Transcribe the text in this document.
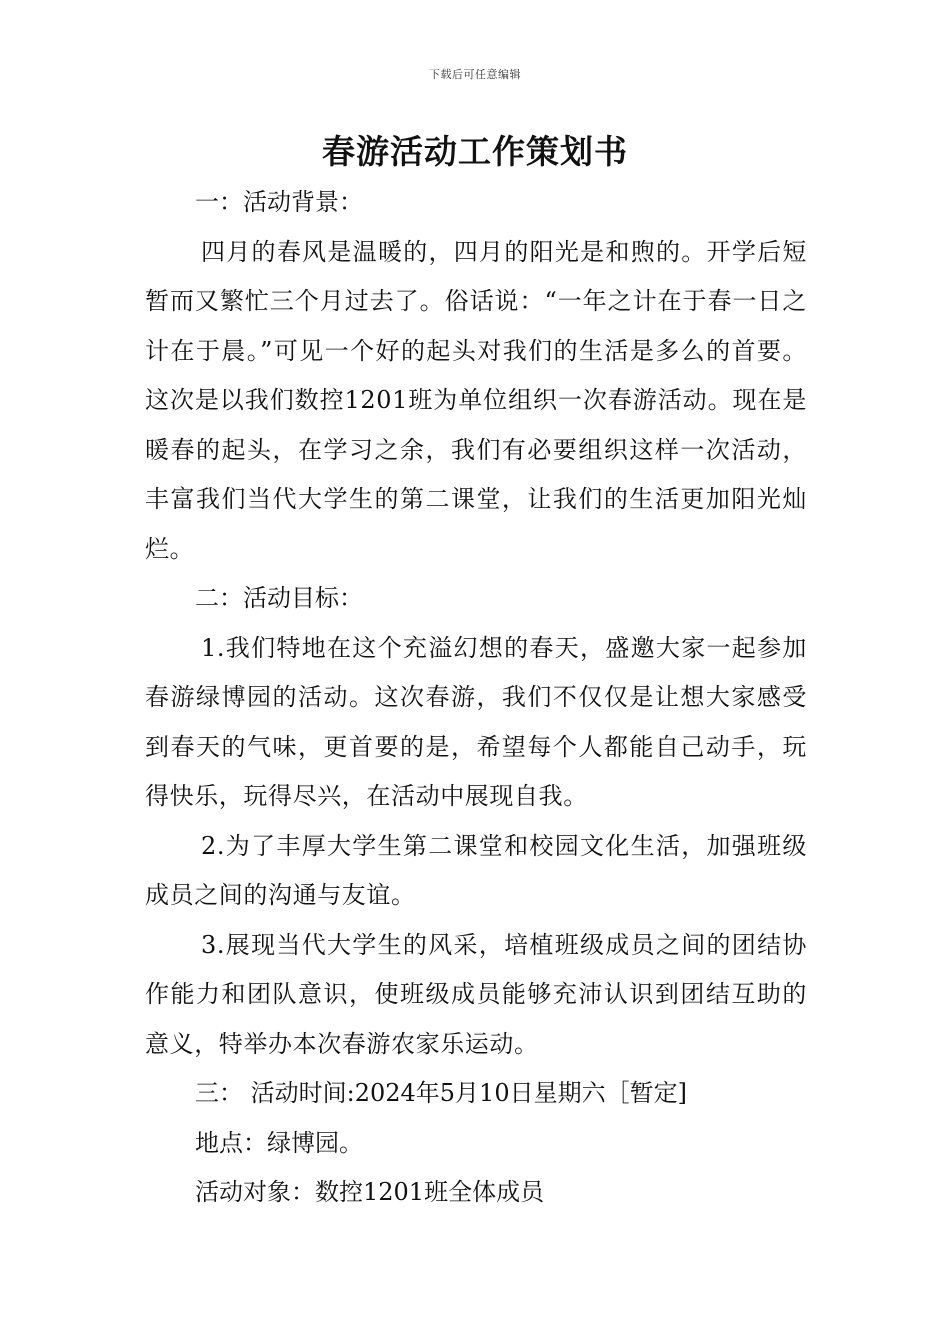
下载后可任意编辑
春游活动工作策划书

一：活动背景：

四月的春风是温暖的，四月的阳光是和煦的。开学后短暂而又繁忙三个月过去了。俗话说：“一年之计在于春一日之计在于晨。”可见一个好的起头对我们的生活是多么的首要。这次是以我们数控1201班为单位组织一次春游活动。现在是暖春的起头，在学习之余，我们有必要组织这样一次活动，丰富我们当代大学生的第二课堂，让我们的生活更加阳光灿烂。

二：活动目标：

1.我们特地在这个充溢幻想的春天，盛邀大家一起参加春游绿博园的活动。这次春游，我们不仅仅是让想大家感受到春天的气味，更首要的是，希望每个人都能自己动手，玩得快乐，玩得尽兴，在活动中展现自我。

2.为了丰厚大学生第二课堂和校园文化生活，加强班级成员之间的沟通与友谊。

3.展现当代大学生的风采，培植班级成员之间的团结协作能力和团队意识，使班级成员能够充沛认识到团结互助的意义，特举办本次春游农家乐运动。

三： 活动时间:2024年5月10日星期六［暂定]

地点：绿博园。

活动对象：数控1201班全体成员
